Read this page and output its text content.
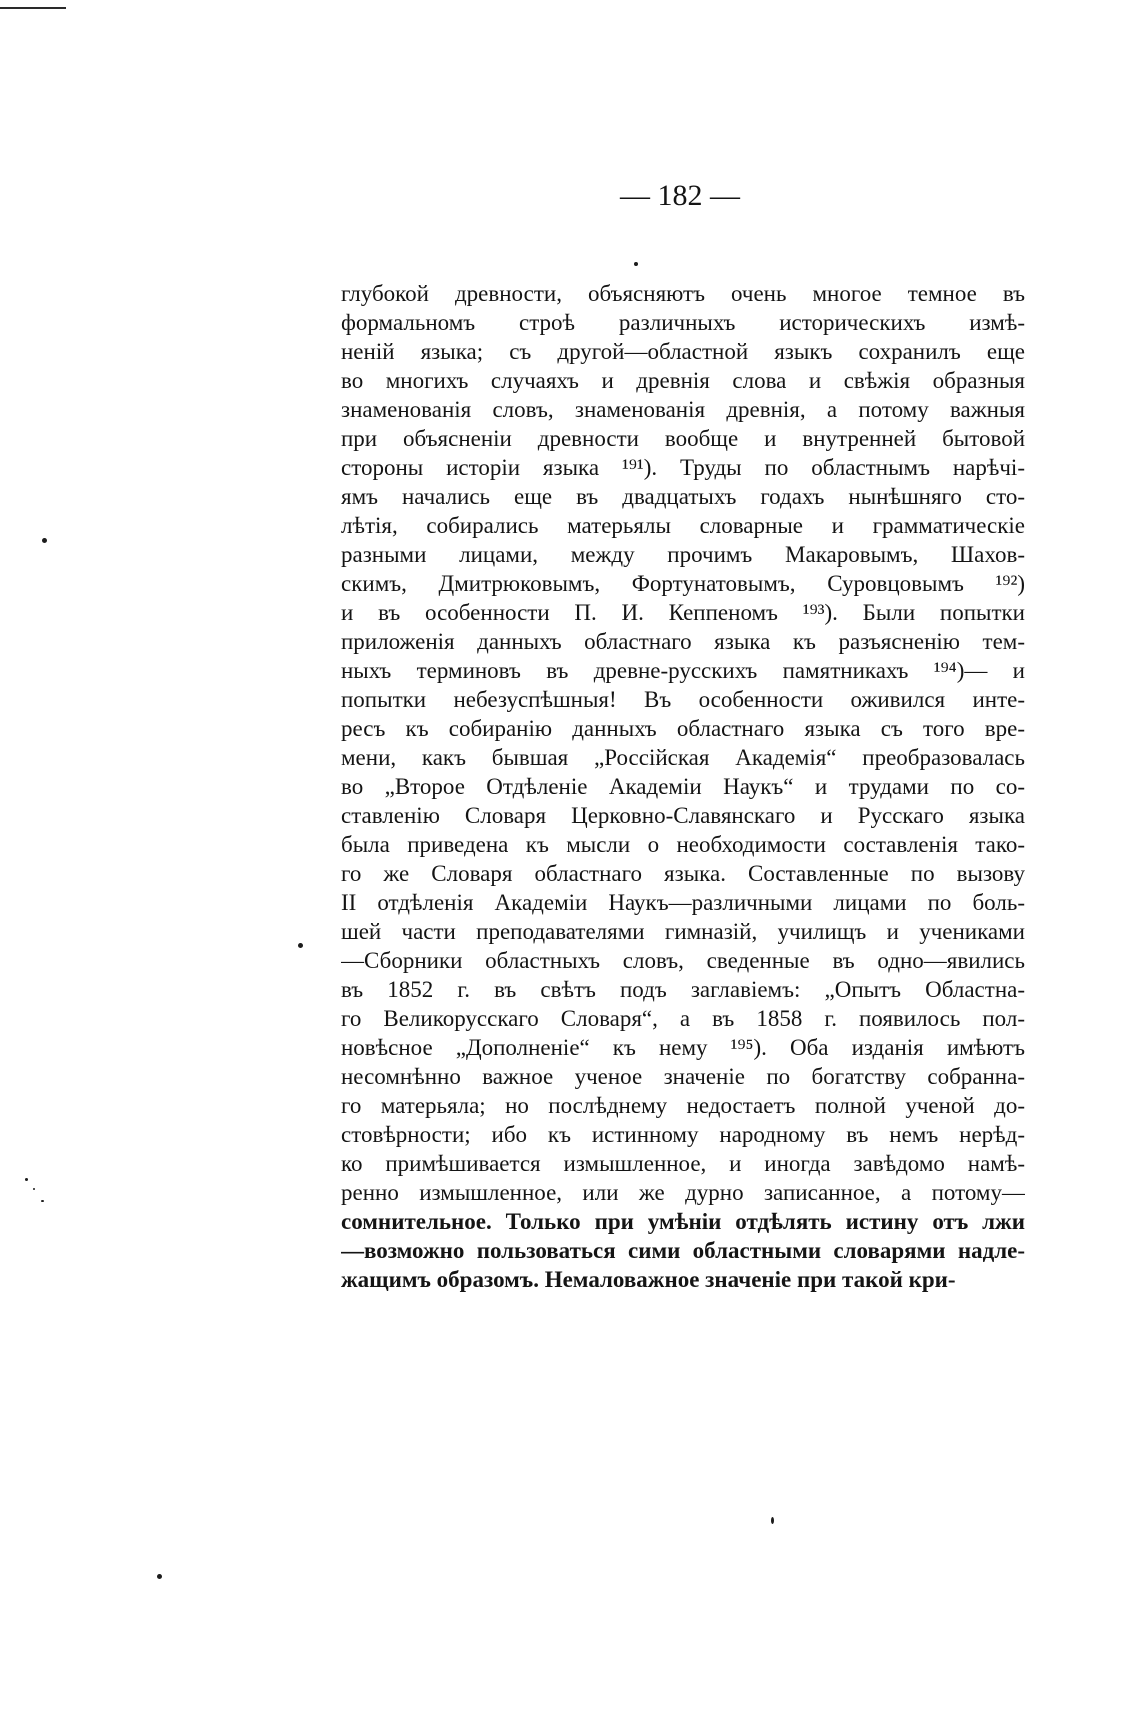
— 182 —
глубокой древности, объясняютъ очень многое темное въ
формальномъ строѣ различныхъ историческихъ измѣ-
неній языка; съ другой—областной языкъ сохранилъ еще
во многихъ случаяхъ и древнія слова и свѣжія образныя
знаменованія словъ, знаменованія древнія, а потому важныя
при объясненіи древности вообще и внутренней бытовой
стороны исторіи языка ¹⁹¹). Труды по областнымъ нарѣчі-
ямъ начались еще въ двадцатыхъ годахъ нынѣшняго сто-
лѣтія, собирались матерьялы словарные и грамматическіе
разными лицами, между прочимъ Макаровымъ, Шахов-
скимъ, Дмитрюковымъ, Фортунатовымъ, Суровцовымъ ¹⁹²)
и въ особенности П. И. Кеппеномъ ¹⁹³). Были попытки
приложенія данныхъ областнаго языка къ разъясненію тем-
ныхъ терминовъ въ древне-русскихъ памятникахъ ¹⁹⁴)— и
попытки небезуспѣшныя! Въ особенности оживился инте-
ресъ къ собиранію данныхъ областнаго языка съ того вре-
мени, какъ бывшая „Россійская Академія“ преобразовалась
во „Второе Отдѣленіе Академіи Наукъ“ и трудами по со-
ставленію Словаря Церковно-Славянскаго и Русскаго языка
была приведена къ мысли о необходимости составленія тако-
го же Словаря областнаго языка. Составленные по вызову
II отдѣленія Академіи Наукъ—различными лицами по боль-
шей части преподавателями гимназій, училищъ и учениками
—Сборники областныхъ словъ, сведенные въ одно—явились
въ 1852 г. въ свѣтъ подъ заглавіемъ: „Опытъ Областна-
го Великорусскаго Словаря“, а въ 1858 г. появилось пол-
новѣсное „Дополненіе“ къ нему ¹⁹⁵). Оба изданія имѣютъ
несомнѣнно важное ученое значеніе по богатству собранна-
го матерьяла; но послѣднему недостаетъ полной ученой до-
стовѣрности; ибо къ истинному народному въ немъ нерѣд-
ко примѣшивается измышленное, и иногда завѣдомо намѣ-
ренно измышленное, или же дурно записанное, а потому—
сомнительное. Только при умѣніи отдѣлять истину отъ лжи
—возможно пользоваться сими областными словарями надле-
жащимъ образомъ. Немаловажное значеніе при такой кри-
